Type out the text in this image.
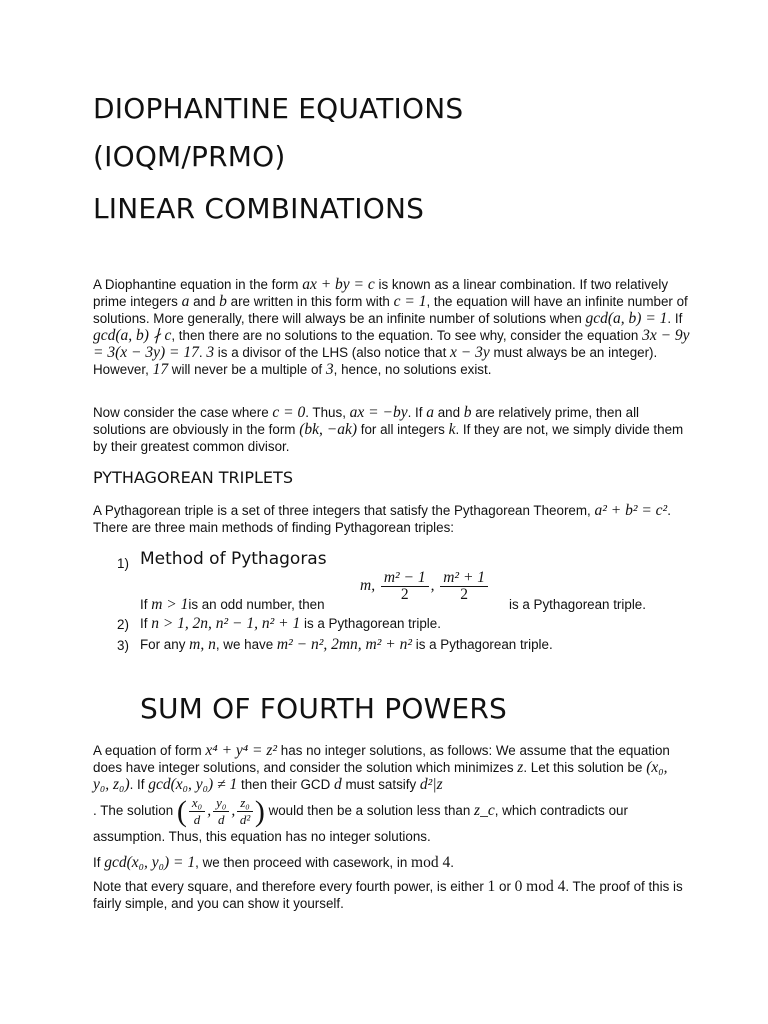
DIOPHANTINE EQUATIONS
(IOQM/PRMO)
LINEAR COMBINATIONS
A Diophantine equation in the form ax + by = c is known as a linear combination. If two relatively prime integers a and b are written in this form with c = 1, the equation will have an infinite number of solutions. More generally, there will always be an infinite number of solutions when gcd(a, b) = 1. If gcd(a, b) ∤ c, then there are no solutions to the equation. To see why, consider the equation 3x − 9y = 3(x − 3y) = 17. 3 is a divisor of the LHS (also notice that x − 3y must always be an integer). However, 17 will never be a multiple of 3, hence, no solutions exist.
Now consider the case where c = 0. Thus, ax = −by. If a and b are relatively prime, then all solutions are obviously in the form (bk, −ak) for all integers k. If they are not, we simply divide them by their greatest common divisor.
PYTHAGOREAN TRIPLETS
A Pythagorean triple is a set of three integers that satisfy the Pythagorean Theorem, a² + b² = c². There are three main methods of finding Pythagorean triples:
1) Method of Pythagoras
m, $\frac{\text{m² − 1}}{2}$ , $\frac{\text{m² + 1}}{2}$
If m > 1is an odd number, then	is a Pythagorean triple.
2) If n > 1, 2n, n² − 1, n² + 1 is a Pythagorean triple.
3) For any m, n, we have m² − n², 2mn, m² + n² is a Pythagorean triple.
SUM OF FOURTH POWERS
A equation of form x⁴ + y⁴ = z² has no integer solutions, as follows: We assume that the equation does have integer solutions, and consider the solution which minimizes z. Let this solution be (x₀, y₀, z₀). If gcd(x₀, y₀) ≠ 1 then their GCD d must satsify d²|z
. The solution ( $\frac{\text{x₀}}{d}$ , $\frac{\text{y₀}}{d}$ , $\frac{\text{z₀}}{\text{d²}}$ ) would then be a solution less than z_c, which contradicts our assumption. Thus, this equation has no integer solutions.
If gcd(x₀, y₀) = 1, we then proceed with casework, in mod 4.
Note that every square, and therefore every fourth power, is either 1 or 0 mod 4. The proof of this is fairly simple, and you can show it yourself.
